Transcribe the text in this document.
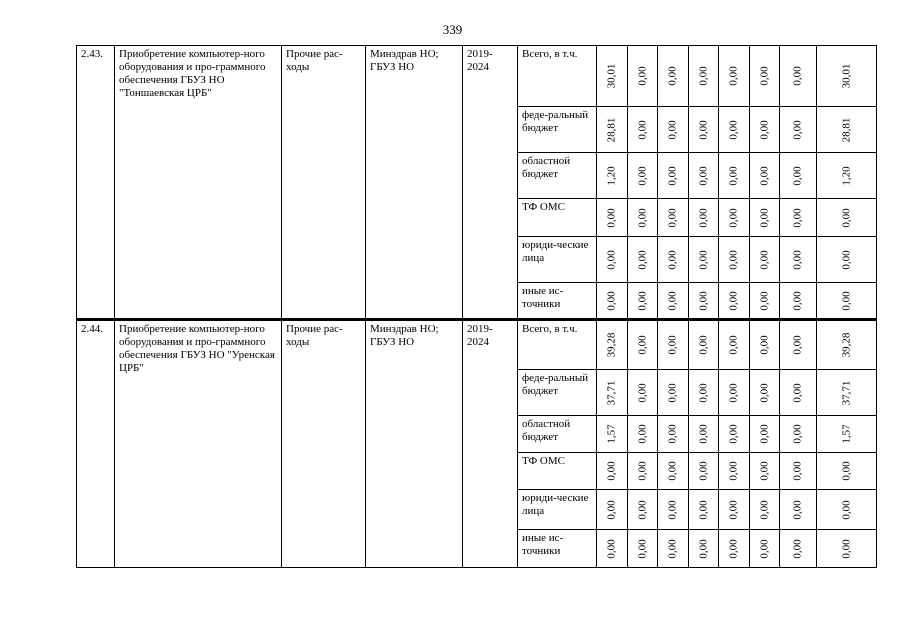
339
2.43.	Приобретение компьютер-ного оборудования и про-граммного обеспечения ГБУЗ НО "Тоншаевская ЦРБ"	Прочие рас-ходы	Минздрав НО; ГБУЗ НО	2019-2024	Всего, в т.ч.	30,01	0,00	0,00	0,00	0,00	0,00	0,00	30,01

					феде-ральный бюджет	28,81	0,00	0,00	0,00	0,00	0,00	0,00	28,81

					областной бюджет	1,20	0,00	0,00	0,00	0,00	0,00	0,00	1,20

					ТФ ОМС	0,00	0,00	0,00	0,00	0,00	0,00	0,00	0,00

					юриди-ческие лица	0,00	0,00	0,00	0,00	0,00	0,00	0,00	0,00

					иные ис-точники	0,00	0,00	0,00	0,00	0,00	0,00	0,00	0,00

2.44.	Приобретение компьютер-ного оборудования и про-граммного обеспечения ГБУЗ НО "Уренская ЦРБ"	Прочие рас-ходы	Минздрав НО; ГБУЗ НО	2019-2024	Всего, в т.ч.	39,28	0,00	0,00	0,00	0,00	0,00	0,00	39,28

					феде-ральный бюджет	37,71	0,00	0,00	0,00	0,00	0,00	0,00	37,71

					областной бюджет	1,57	0,00	0,00	0,00	0,00	0,00	0,00	1,57

					ТФ ОМС	0,00	0,00	0,00	0,00	0,00	0,00	0,00	0,00

					юриди-ческие лица	0,00	0,00	0,00	0,00	0,00	0,00	0,00	0,00

					иные ис-точники	0,00	0,00	0,00	0,00	0,00	0,00	0,00	0,00
